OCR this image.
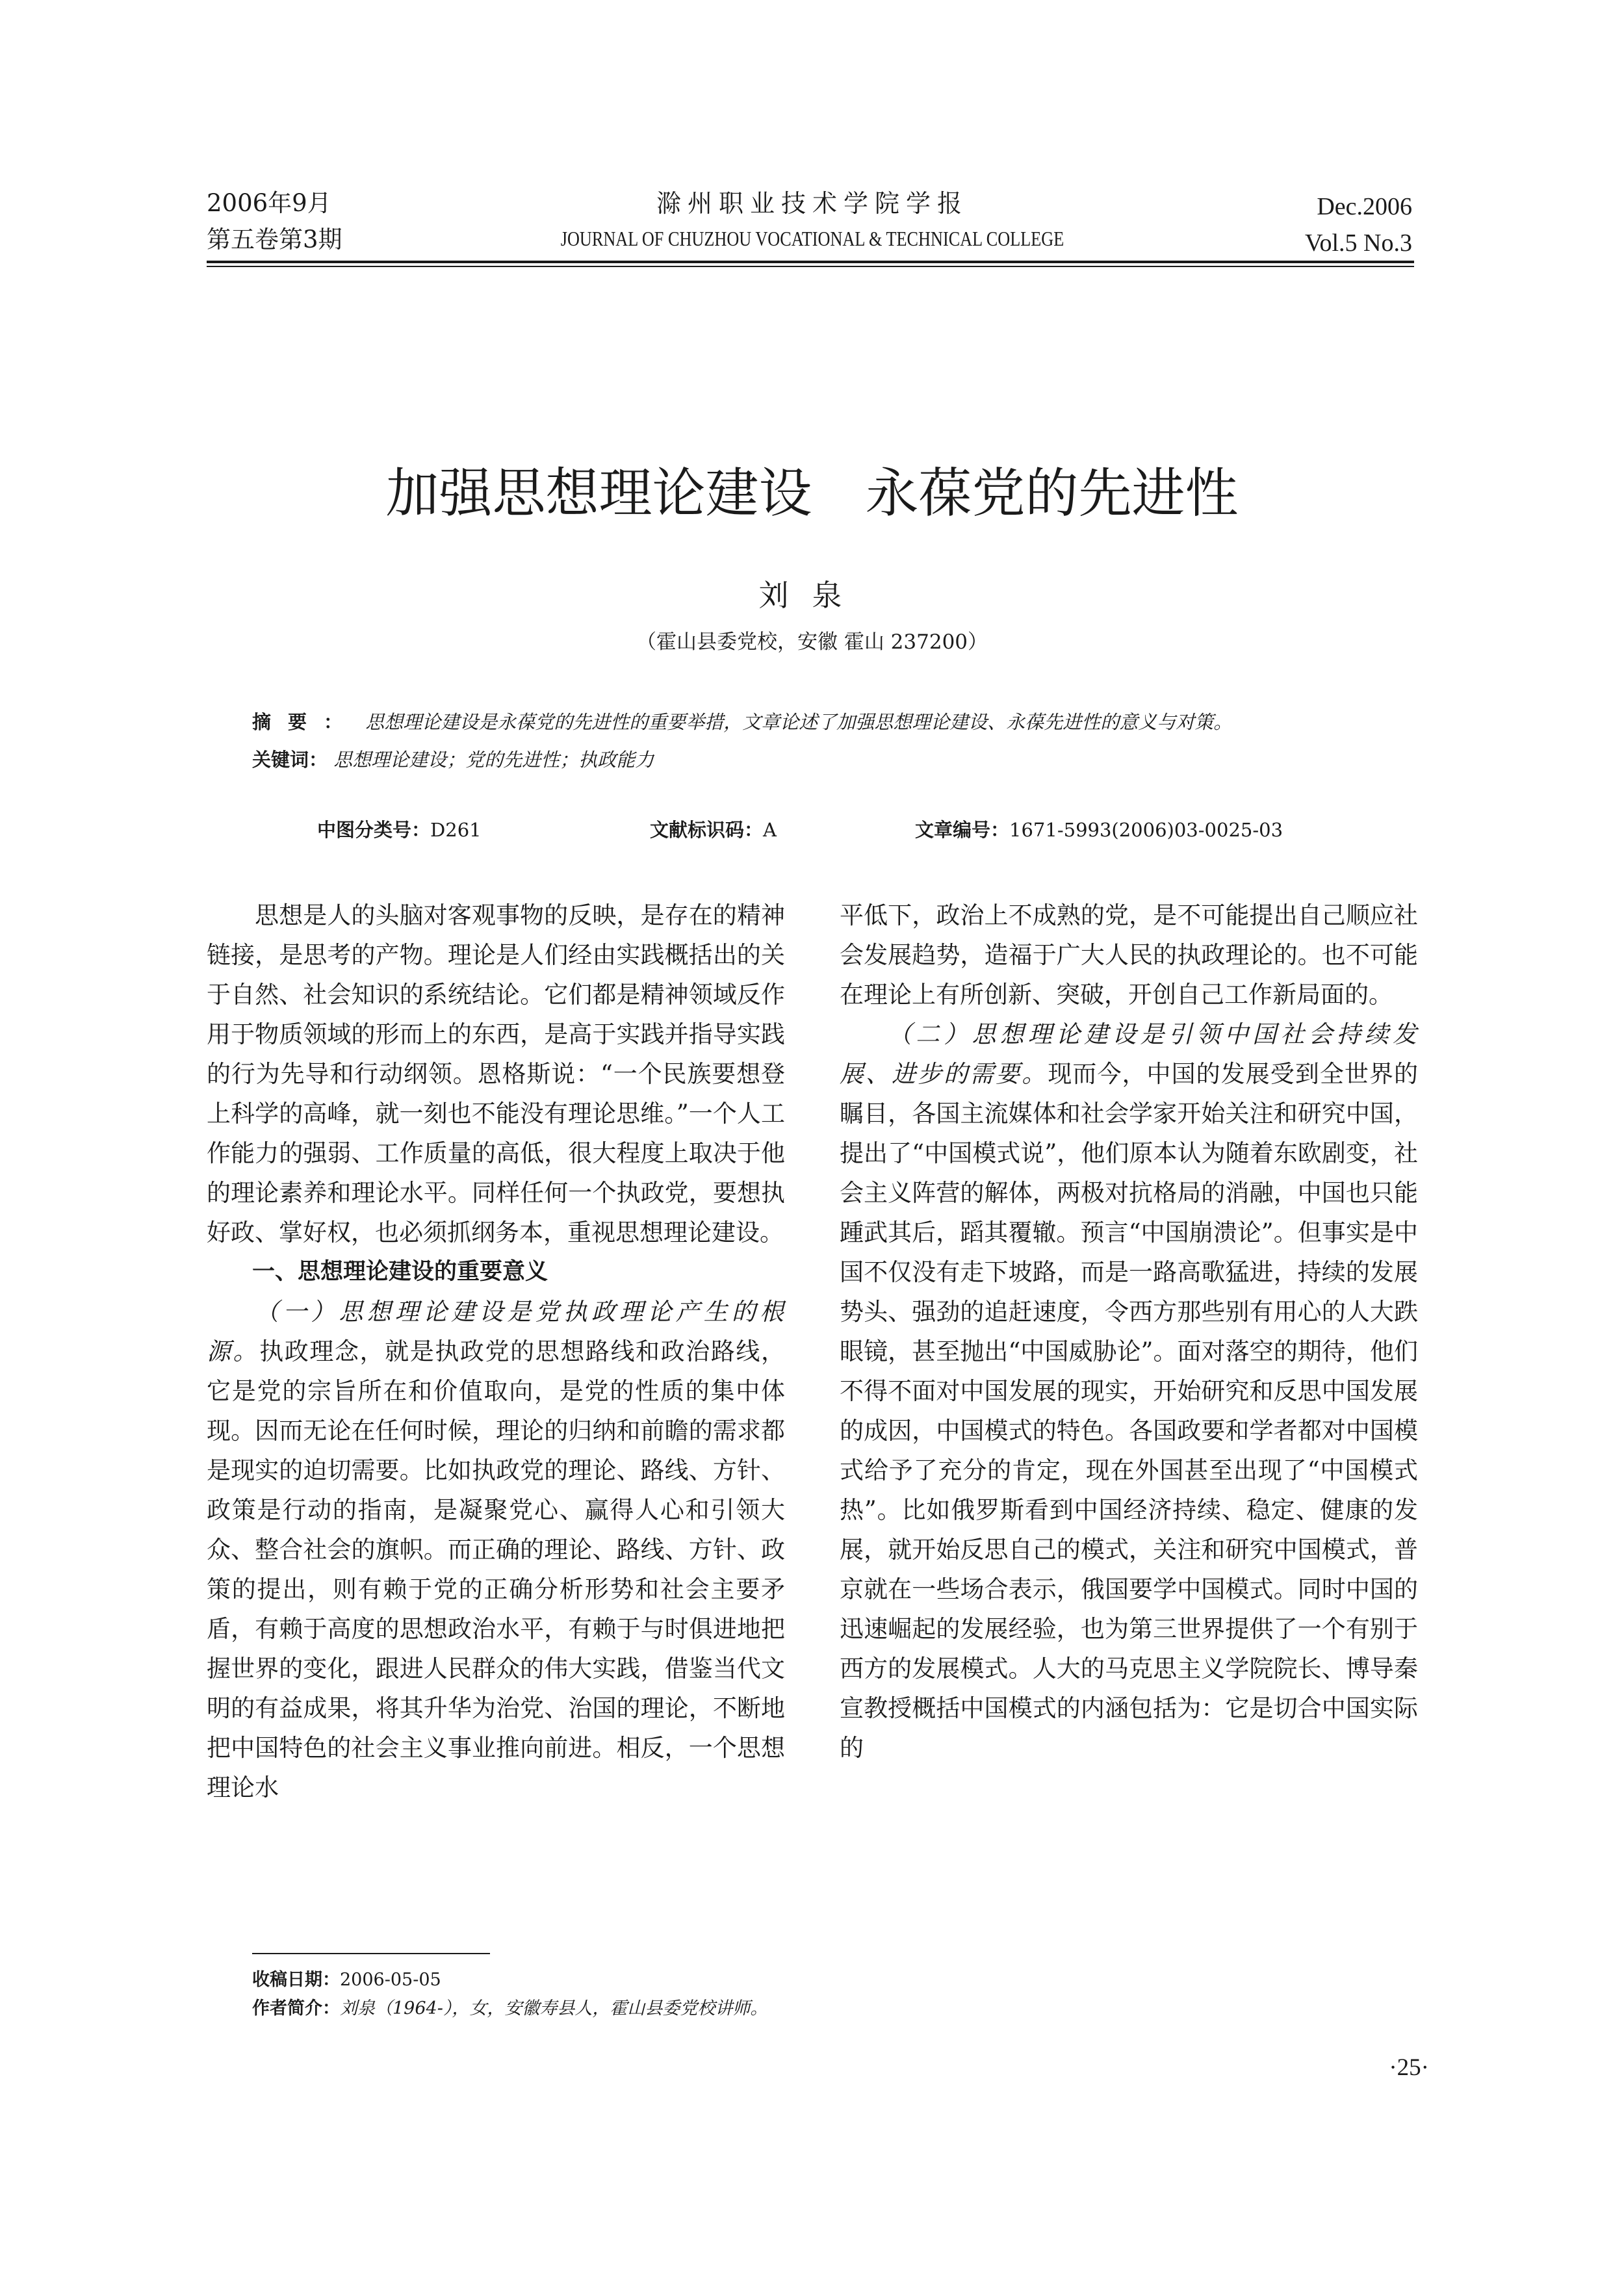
2006年9月
第五卷第3期
滁州职业技术学院学报
JOURNAL OF CHUZHOU VOCATIONAL & TECHNICAL COLLEGE
Dec.2006
Vol.5 No.3
加强思想理论建设　永葆党的先进性
刘泉
（霍山县委党校，安徽 霍山 237200）
摘要： 思想理论建设是永葆党的先进性的重要举措，文章论述了加强思想理论建设、永葆先进性的意义与对策。
关键词： 思想理论建设；党的先进性；执政能力
中图分类号：D261	文献标识码：A	文章编号：1671-5993(2006)03-0025-03

思想是人的头脑对客观事物的反映，是存在的精神链接，是思考的产物。理论是人们经由实践概括出的关于自然、社会知识的系统结论。它们都是精神领域反作用于物质领域的形而上的东西，是高于实践并指导实践的行为先导和行动纲领。恩格斯说：“一个民族要想登上科学的高峰，就一刻也不能没有理论思维。”一个人工作能力的强弱、工作质量的高低，很大程度上取决于他的理论素养和理论水平。同样任何一个执政党，要想执好政、掌好权，也必须抓纲务本，重视思想理论建设。

一、思想理论建设的重要意义

（一）思想理论建设是党执政理论产生的根源。执政理念，就是执政党的思想路线和政治路线，它是党的宗旨所在和价值取向，是党的性质的集中体现。因而无论在任何时候，理论的归纳和前瞻的需求都是现实的迫切需要。比如执政党的理论、路线、方针、政策是行动的指南，是凝聚党心、赢得人心和引领大众、整合社会的旗帜。而正确的理论、路线、方针、政策的提出，则有赖于党的正确分析形势和社会主要矛盾，有赖于高度的思想政治水平，有赖于与时俱进地把握世界的变化，跟进人民群众的伟大实践，借鉴当代文明的有益成果，将其升华为治党、治国的理论，不断地把中国特色的社会主义事业推向前进。相反，一个思想理论水

平低下，政治上不成熟的党，是不可能提出自己顺应社会发展趋势，造福于广大人民的执政理论的。也不可能在理论上有所创新、突破，开创自己工作新局面的。

（二）思想理论建设是引领中国社会持续发展、进步的需要。现而今，中国的发展受到全世界的瞩目，各国主流媒体和社会学家开始关注和研究中国，提出了“中国模式说”，他们原本认为随着东欧剧变，社会主义阵营的解体，两极对抗格局的消融，中国也只能踵武其后，蹈其覆辙。预言“中国崩溃论”。但事实是中国不仅没有走下坡路，而是一路高歌猛进，持续的发展势头、强劲的追赶速度，令西方那些别有用心的人大跌眼镜，甚至抛出“中国威胁论”。面对落空的期待，他们不得不面对中国发展的现实，开始研究和反思中国发展的成因，中国模式的特色。各国政要和学者都对中国模式给予了充分的肯定，现在外国甚至出现了“中国模式热”。比如俄罗斯看到中国经济持续、稳定、健康的发展，就开始反思自己的模式，关注和研究中国模式，普京就在一些场合表示，俄国要学中国模式。同时中国的迅速崛起的发展经验，也为第三世界提供了一个有别于西方的发展模式。人大的马克思主义学院院长、博导秦宣教授概括中国模式的内涵包括为：它是切合中国实际的

收稿日期：2006-05-05
作者简介：刘泉（1964-），女，安徽寿县人，霍山县委党校讲师。
·25·
